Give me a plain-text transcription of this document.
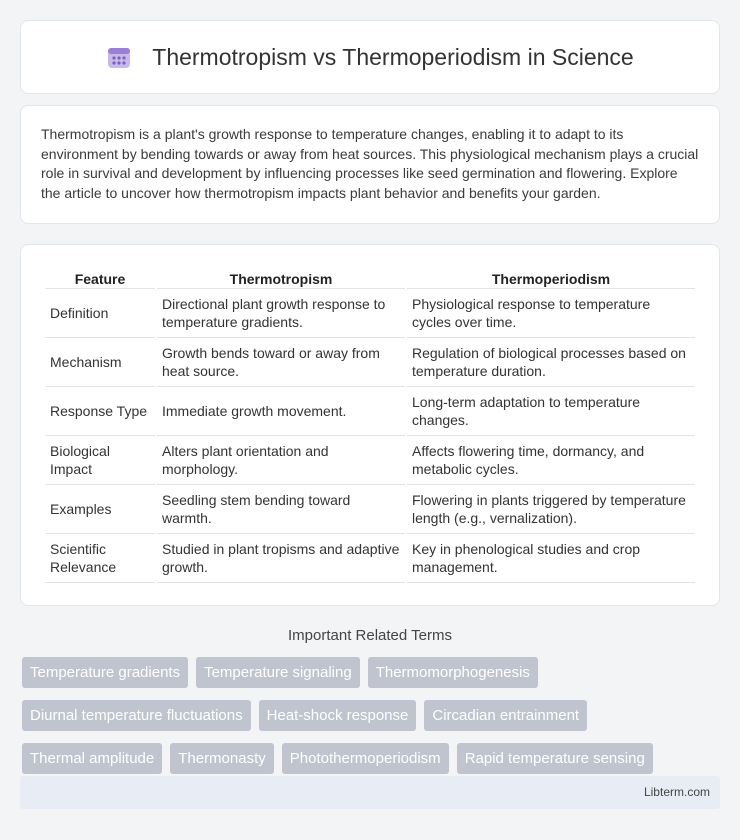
Thermotropism vs Thermoperiodism in Science

Thermotropism is a plant's growth response to temperature changes, enabling it to adapt to its environment by bending towards or away from heat sources. This physiological mechanism plays a crucial role in survival and development by influencing processes like seed germination and flowering. Explore the article to uncover how thermotropism impacts plant behavior and benefits your garden.

Feature	Thermotropism	Thermoperiodism
Definition	Directional plant growth response to temperature gradients.	Physiological response to temperature cycles over time.
Mechanism	Growth bends toward or away from heat source.	Regulation of biological processes based on temperature duration.
Response Type	Immediate growth movement.	Long-term adaptation to temperature changes.
Biological Impact	Alters plant orientation and morphology.	Affects flowering time, dormancy, and metabolic cycles.
Examples	Seedling stem bending toward warmth.	Flowering in plants triggered by temperature length (e.g., vernalization).
Scientific Relevance	Studied in plant tropisms and adaptive growth.	Key in phenological studies and crop management.
Important Related Terms
Temperature gradients	Temperature signaling	Thermomorphogenesis
Diurnal temperature fluctuations	Heat-shock response	Circadian entrainment
Thermal amplitude	Thermonasty	Photothermoperiodism	Rapid temperature sensing
Libterm.com
